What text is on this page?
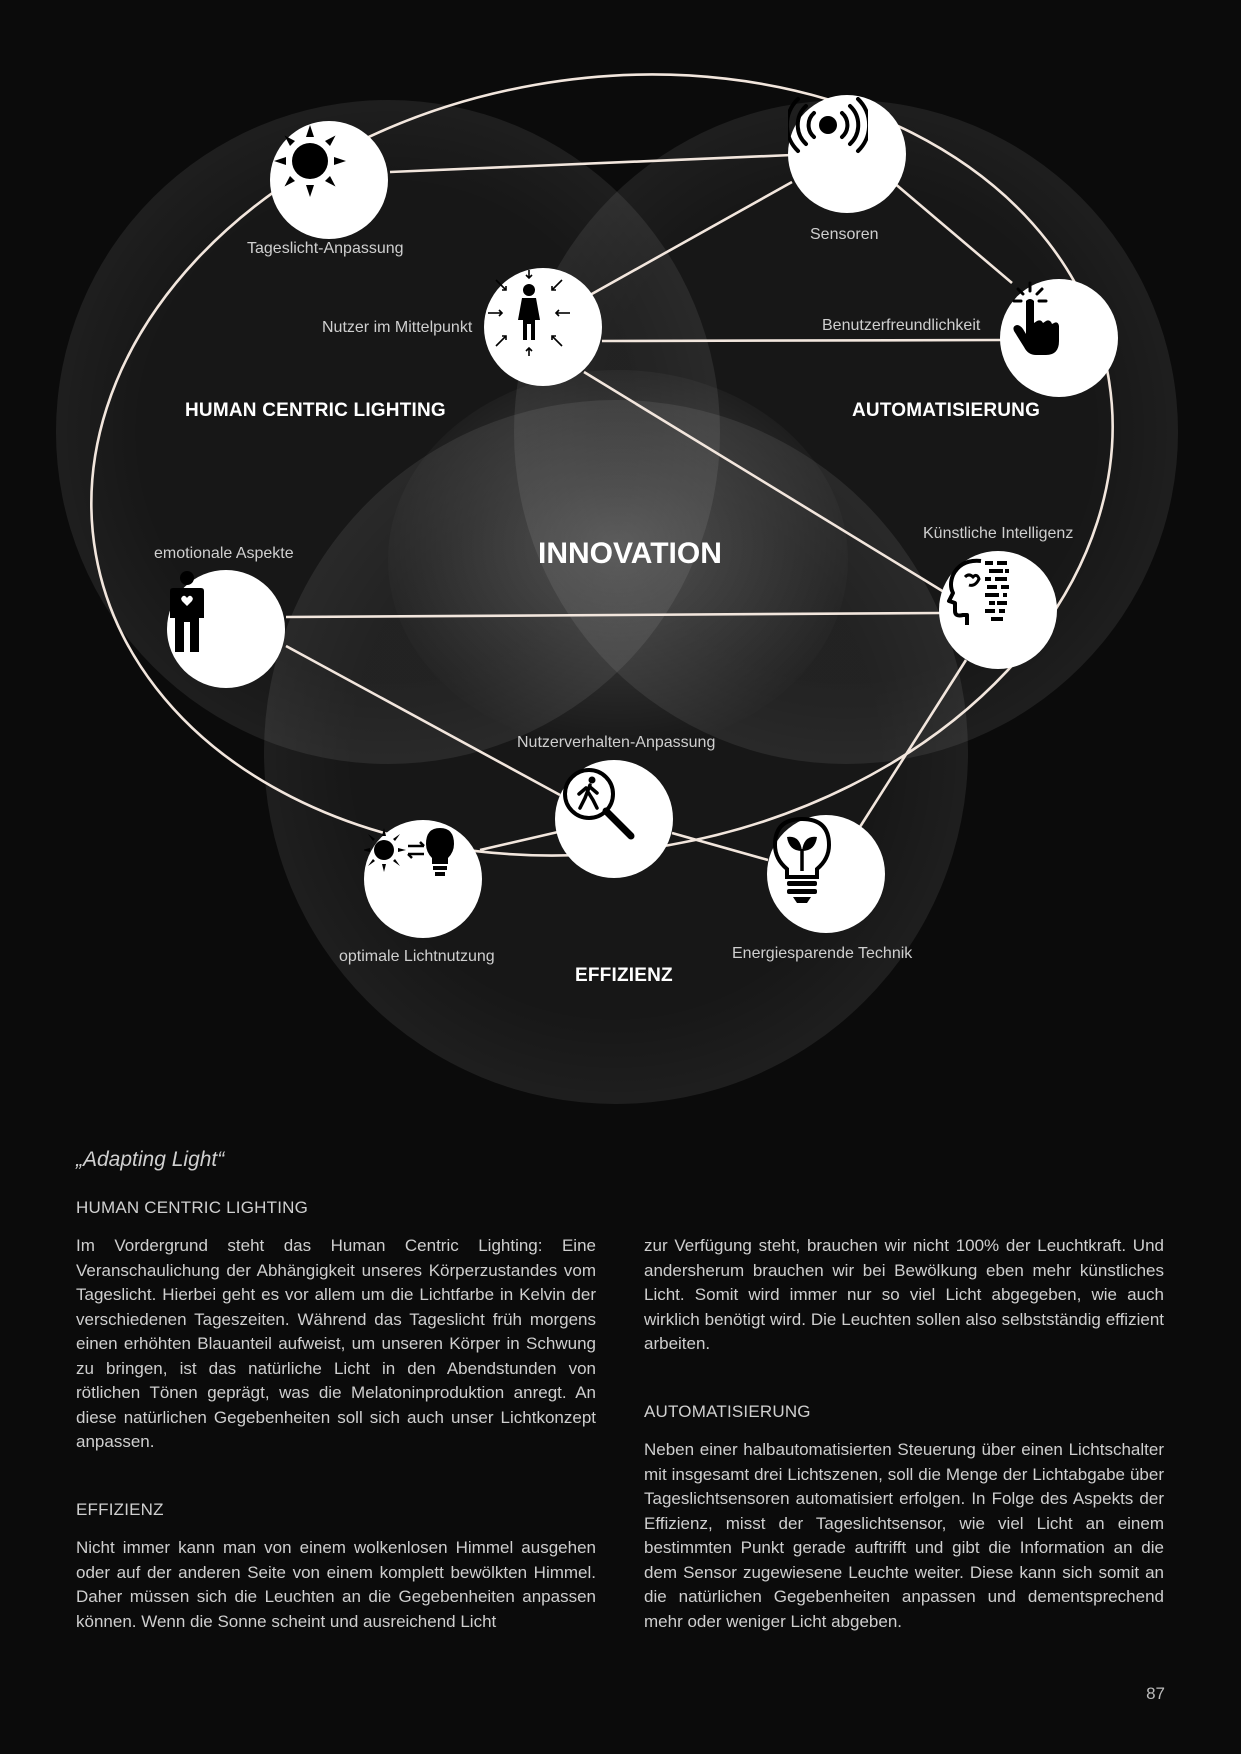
Tageslicht-Anpassung
Sensoren
Nutzer im Mittelpunkt	Benutzerfreundlichkeit
emotionale Aspekte
Künstliche Intelligenz
Nutzerverhalten-Anpassung
optimale Lichtnutzung	Energiesparende Technik
HUMAN CENTRIC LIGHTING	AUTOMATISIERUNG
EFFIZIENZ
INNOVATION
„Adapting Light“
HUMAN CENTRIC LIGHTING

Im Vordergrund steht das Human Centric Lighting: Eine Veranschaulichung der Abhängigkeit unseres Körperzustandes vom Tageslicht. Hierbei geht es vor allem um die Lichtfarbe in Kelvin der verschiedenen Tageszeiten. Während das Tageslicht früh morgens einen erhöhten Blauanteil aufweist, um unseren Körper in Schwung zu bringen, ist das natürliche Licht in den Abendstunden von rötlichen Tönen geprägt, was die Melatoninproduktion anregt. An diese natürlichen Gegebenheiten soll sich auch unser Lichtkonzept anpassen.

EFFIZIENZ

Nicht immer kann man von einem wolkenlosen Himmel ausgehen oder auf der anderen Seite von einem komplett bewölkten Himmel. Daher müssen sich die Leuchten an die Gegebenheiten anpassen können. Wenn die Sonne scheint und ausreichend Licht

zur Verfügung steht, brauchen wir nicht 100% der Leuchtkraft. Und andersherum brauchen wir bei Bewölkung eben mehr künstliches Licht. Somit wird immer nur so viel Licht abgegeben, wie auch wirklich benötigt wird. Die Leuchten sollen also selbstständig effizient arbeiten.

AUTOMATISIERUNG

Neben einer halbautomatisierten Steuerung über einen Lichtschalter mit insgesamt drei Lichtszenen, soll die Menge der Lichtabgabe über Tageslichtsensoren automatisiert erfolgen. In Folge des Aspekts der Effizienz, misst der Tageslichtsensor, wie viel Licht an einem bestimmten Punkt gerade auftrifft und gibt die Information an die dem Sensor zugewiesene Leuchte weiter. Diese kann sich somit an die natürlichen Gegebenheiten anpassen und dementsprechend mehr oder weniger Licht abgeben.

87
